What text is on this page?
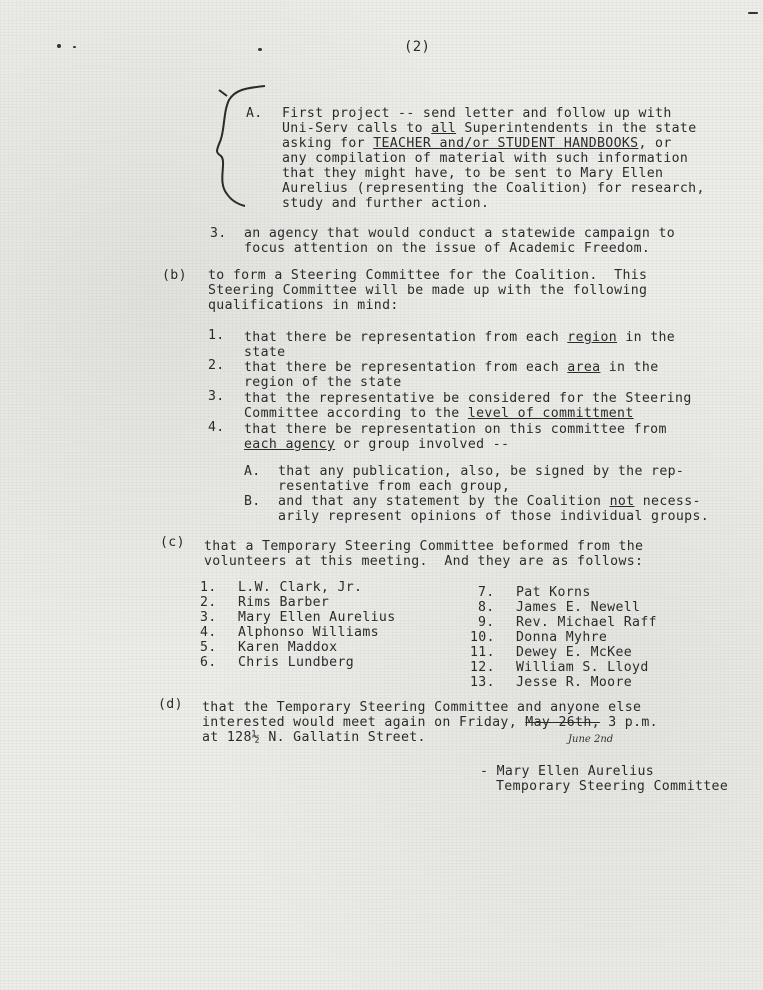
(2)
A. First project -- send letter and follow up with
Uni-Serv calls to all Superintendents in the state
asking for TEACHER and/or STUDENT HANDBOOKS, or
any compilation of material with such information
that they might have, to be sent to Mary Ellen
Aurelius (representing the Coalition) for research,
study and further action.
3. an agency that would conduct a statewide campaign to
focus attention on the issue of Academic Freedom.
(b) to form a Steering Committee for the Coalition.  This
Steering Committee will be made up with the following
qualifications in mind:
1. that there be representation from each region in the
state
2. that there be representation from each area in the
region of the state
3. that the representative be considered for the Steering
Committee according to the level of committment
4. that there be representation on this committee from
each agency or group involved --
A. that any publication, also, be signed by the rep-
resentative from each group,
B. and that any statement by the Coalition not necess-
arily represent opinions of those individual groups.
(c) that a Temporary Steering Committee beformed from the
volunteers at this meeting.  And they are as follows:
1. L.W. Clark, Jr.
2. Rims Barber
3. Mary Ellen Aurelius
4. Alphonso Williams
5. Karen Maddox
6. Chris Lundberg
7. Pat Korns
8. James E. Newell
9. Rev. Michael Raff
10. Donna Myhre
11. Dewey E. McKee
12. William S. Lloyd
13. Jesse R. Moore
(d) that the Temporary Steering Committee and anyone else
interested would meet again on Friday, May 26th, 3 p.m.
at 128½ N. Gallatin Street.	June 2nd
- Mary Ellen Aurelius
Temporary Steering Committee
